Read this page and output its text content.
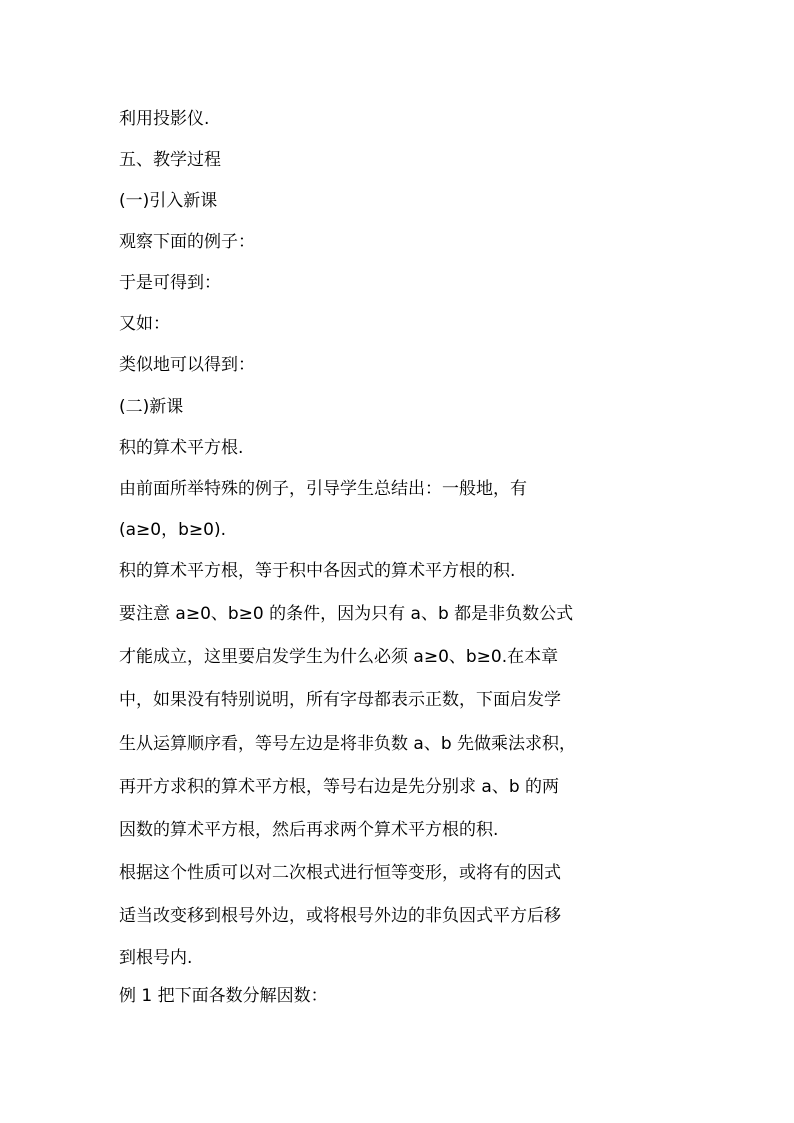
利用投影仪.
五、教学过程
(一)引入新课
观察下面的例子：
于是可得到：
又如：
类似地可以得到：
(二)新课
积的算术平方根.
由前面所举特殊的例子，引导学生总结出：一般地，有
(a≥0，b≥0).
积的算术平方根，等于积中各因式的算术平方根的积.
要注意 a≥0、b≥0 的条件，因为只有 a、b 都是非负数公式
才能成立，这里要启发学生为什么必须 a≥0、b≥0.在本章
中，如果没有特别说明，所有字母都表示正数，下面启发学
生从运算顺序看，等号左边是将非负数 a、b 先做乘法求积，
再开方求积的算术平方根，等号右边是先分别求 a、b 的两
因数的算术平方根，然后再求两个算术平方根的积.
根据这个性质可以对二次根式进行恒等变形，或将有的因式
适当改变移到根号外边，或将根号外边的非负因式平方后移
到根号内.
例 1 把下面各数分解因数：
